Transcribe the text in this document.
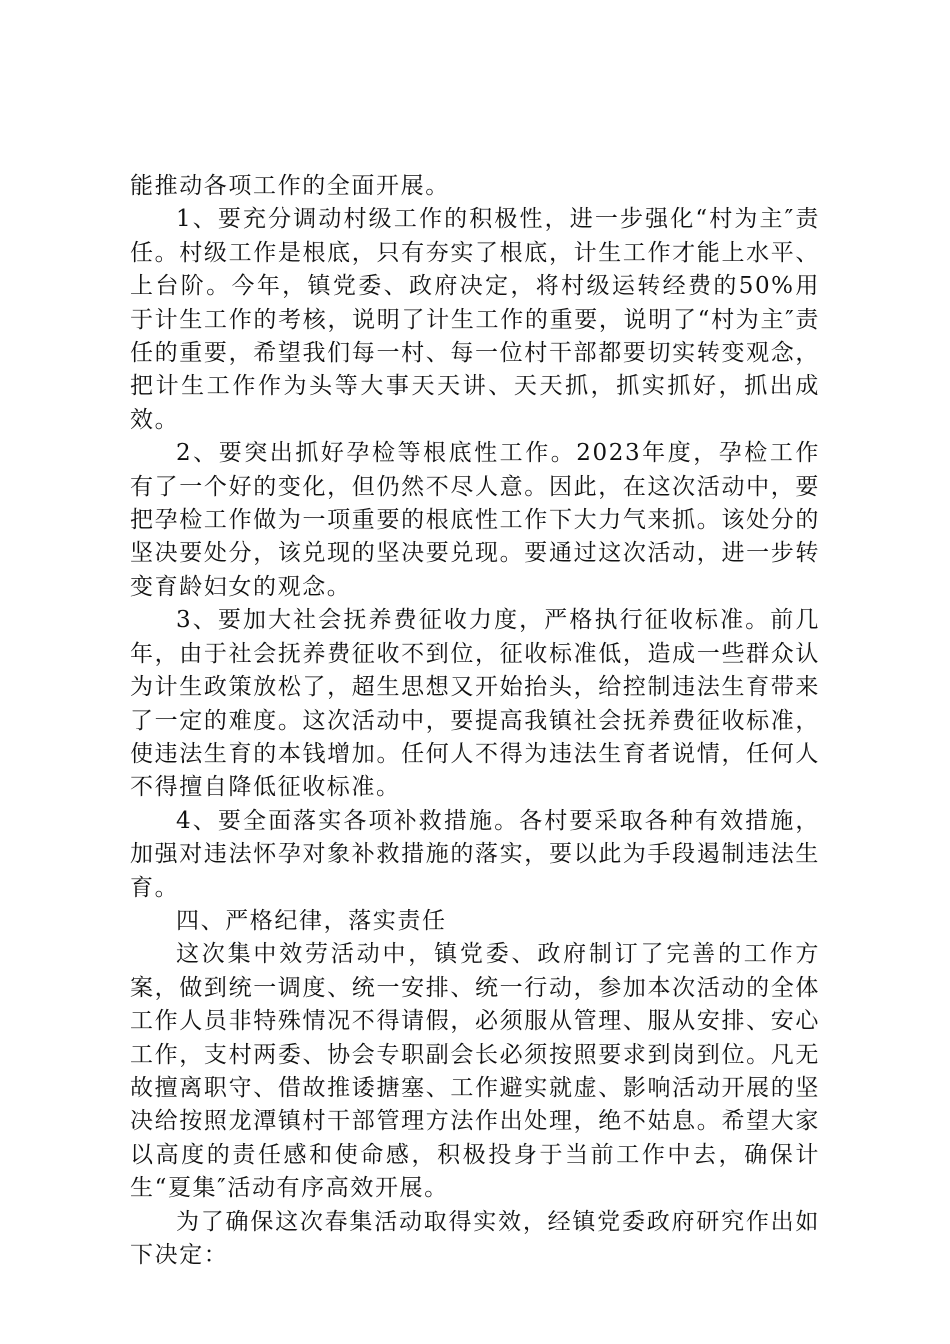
能推动各项工作的全面开展。

1、要充分调动村级工作的积极性，进一步强化“村为主″责任。村级工作是根底，只有夯实了根底，计生工作才能上水平、上台阶。今年，镇党委、政府决定，将村级运转经费的50%用于计生工作的考核，说明了计生工作的重要，说明了“村为主″责任的重要，希望我们每一村、每一位村干部都要切实转变观念，把计生工作作为头等大事天天讲、天天抓，抓实抓好，抓出成效。

2、要突出抓好孕检等根底性工作。2023年度，孕检工作有了一个好的变化，但仍然不尽人意。因此，在这次活动中，要把孕检工作做为一项重要的根底性工作下大力气来抓。该处分的坚决要处分，该兑现的坚决要兑现。要通过这次活动，进一步转变育龄妇女的观念。

3、要加大社会抚养费征收力度，严格执行征收标准。前几年，由于社会抚养费征收不到位，征收标准低，造成一些群众认为计生政策放松了，超生思想又开始抬头，给控制违法生育带来了一定的难度。这次活动中，要提高我镇社会抚养费征收标准，使违法生育的本钱增加。任何人不得为违法生育者说情，任何人不得擅自降低征收标准。

4、要全面落实各项补救措施。各村要采取各种有效措施，加强对违法怀孕对象补救措施的落实，要以此为手段遏制违法生育。

四、严格纪律，落实责任

这次集中效劳活动中，镇党委、政府制订了完善的工作方案，做到统一调度、统一安排、统一行动，参加本次活动的全体工作人员非特殊情况不得请假，必须服从管理、服从安排、安心工作，支村两委、协会专职副会长必须按照要求到岗到位。凡无故擅离职守、借故推诿搪塞、工作避实就虚、影响活动开展的坚决给按照龙潭镇村干部管理方法作出处理，绝不姑息。希望大家以高度的责任感和使命感，积极投身于当前工作中去，确保计生“夏集″活动有序高效开展。

为了确保这次春集活动取得实效，经镇党委政府研究作出如下决定：
